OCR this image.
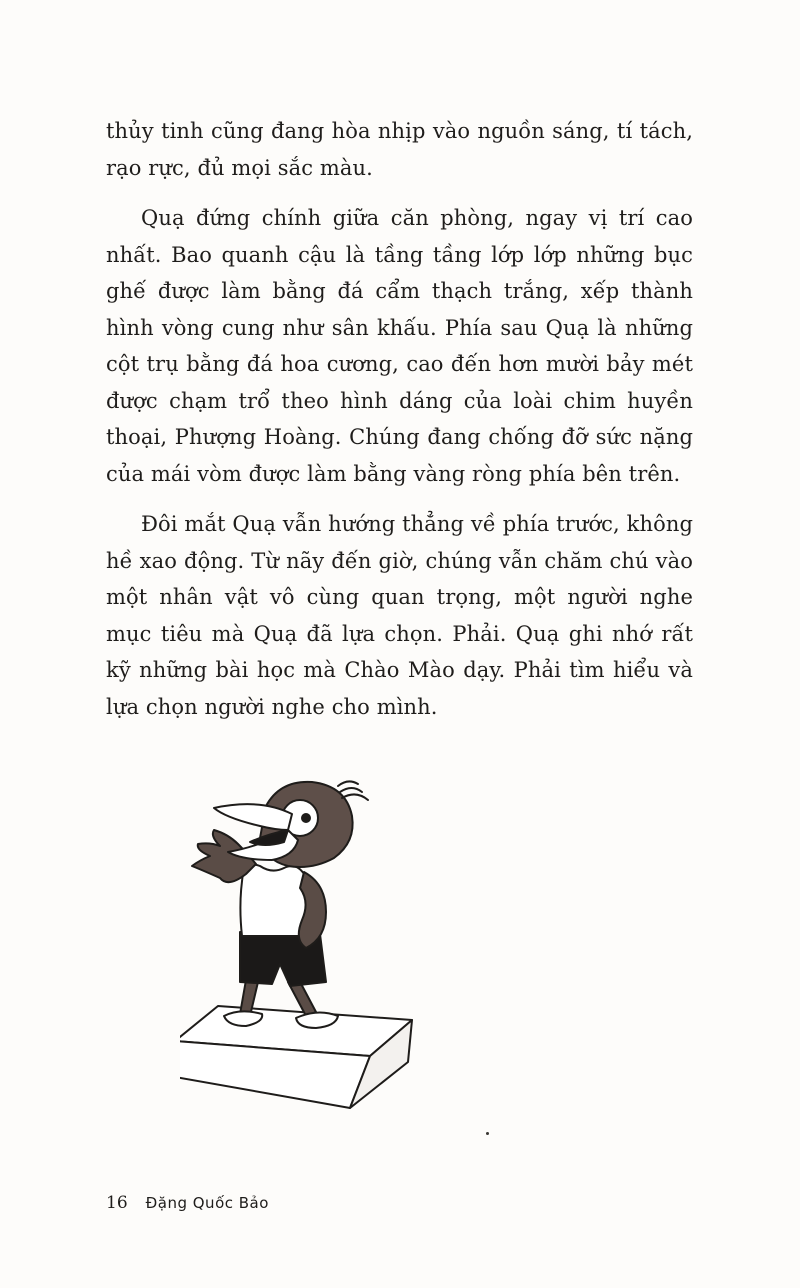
thủy tinh cũng đang hòa nhịp vào nguồn sáng, tí tách, rạo rực, đủ mọi sắc màu.

Quạ đứng chính giữa căn phòng, ngay vị trí cao nhất. Bao quanh cậu là tầng tầng lớp lớp những bục ghế được làm bằng đá cẩm thạch trắng, xếp thành hình vòng cung như sân khấu. Phía sau Quạ là những cột trụ bằng đá hoa cương, cao đến hơn mười bảy mét được chạm trổ theo hình dáng của loài chim huyền thoại, Phượng Hoàng. Chúng đang chống đỡ sức nặng của mái vòm được làm bằng vàng ròng phía bên trên.

Đôi mắt Quạ vẫn hướng thẳng về phía trước, không hề xao động. Từ nãy đến giờ, chúng vẫn chăm chú vào một nhân vật vô cùng quan trọng, một người nghe mục tiêu mà Quạ đã lựa chọn. Phải. Quạ ghi nhớ rất kỹ những bài học mà Chào Mào dạy. Phải tìm hiểu và lựa chọn người nghe cho mình.

16 Đặng Quốc Bảo
